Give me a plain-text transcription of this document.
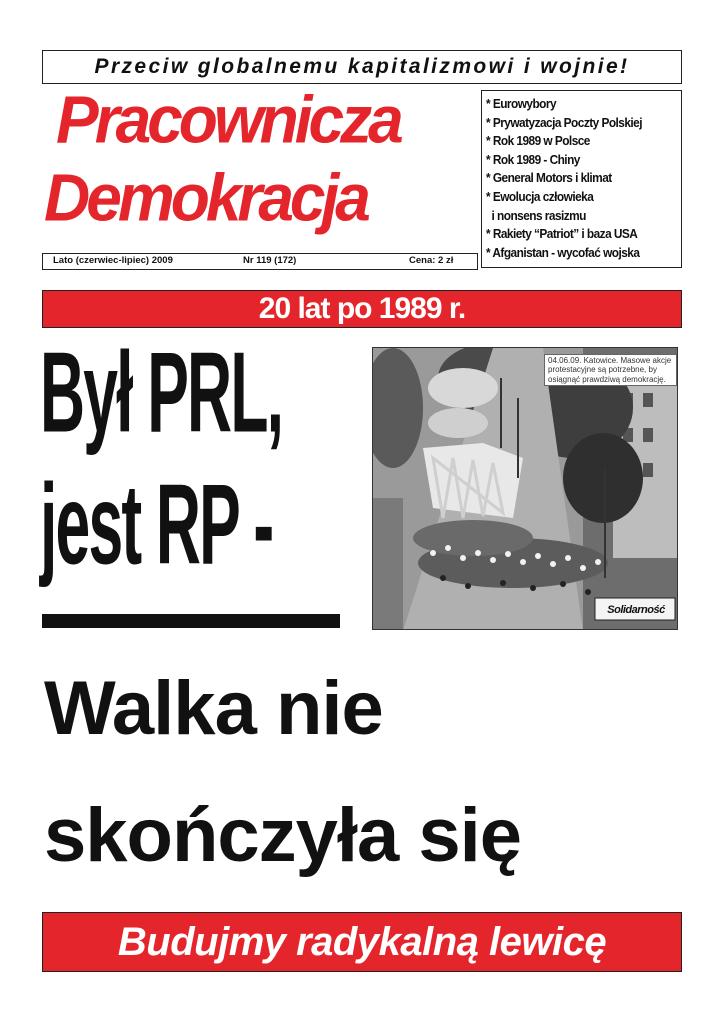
Przeciw globalnemu kapitalizmowi i wojnie!
Pracownicza
Demokracja
* Eurowybory
* Prywatyzacja Poczty Polskiej
* Rok 1989 w Polsce
* Rok 1989 - Chiny
* General Motors i klimat
* Ewolucja człowieka
i nonsens rasizmu
* Rakiety “Patriot” i baza USA
* Afganistan - wycofać wojska
Lato (czerwiec-lipiec) 2009	Nr 119 (172)	Cena: 2 zł
20 lat po 1989 r.
Był PRL,
jest RP -
Solidarność
04.06.09. Katowice. Masowe akcje protestacyjne są potrzebne, by osiągnąć prawdziwą demokrację.
Walka nie
skończyła się
Budujmy radykalną lewicę
